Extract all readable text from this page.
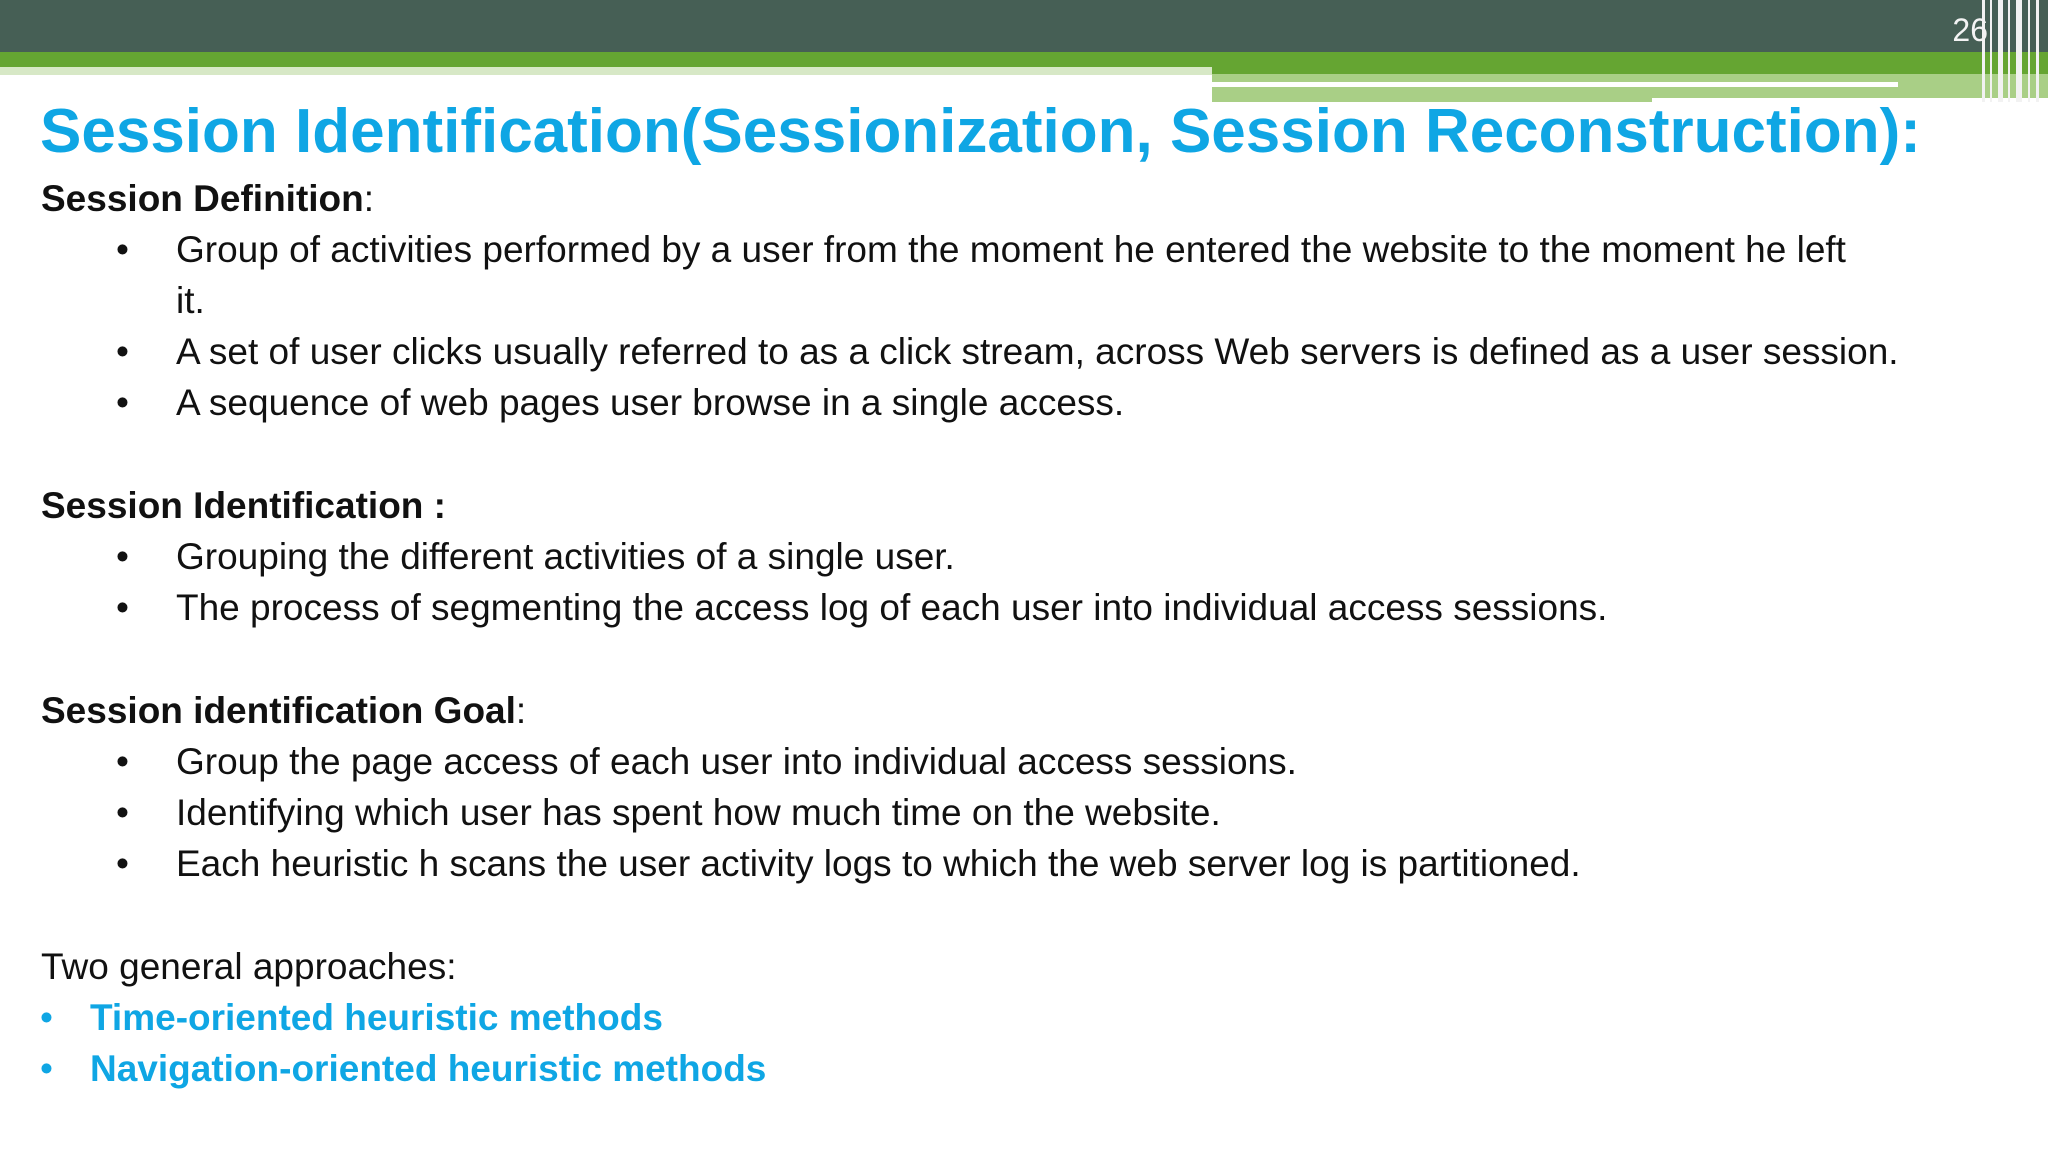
26
Session Identification(Sessionization, Session Reconstruction):
Session Definition:
• Group of activities performed by a user from the moment he entered the website to the moment he left
it.
• A set of user clicks usually referred to as a click stream, across Web servers is defined as a user session.
• A sequence of web pages user browse in a single access.
Session Identification :
• Grouping the different activities of a single user.
• The process of segmenting the access log of each user into individual access sessions.
Session identification Goal:
• Group the page access of each user into individual access sessions.
• Identifying which user has spent how much time on the website.
• Each heuristic h scans the user activity logs to which the web server log is partitioned.
Two general approaches:
• Time-oriented heuristic methods
• Navigation-oriented heuristic methods
